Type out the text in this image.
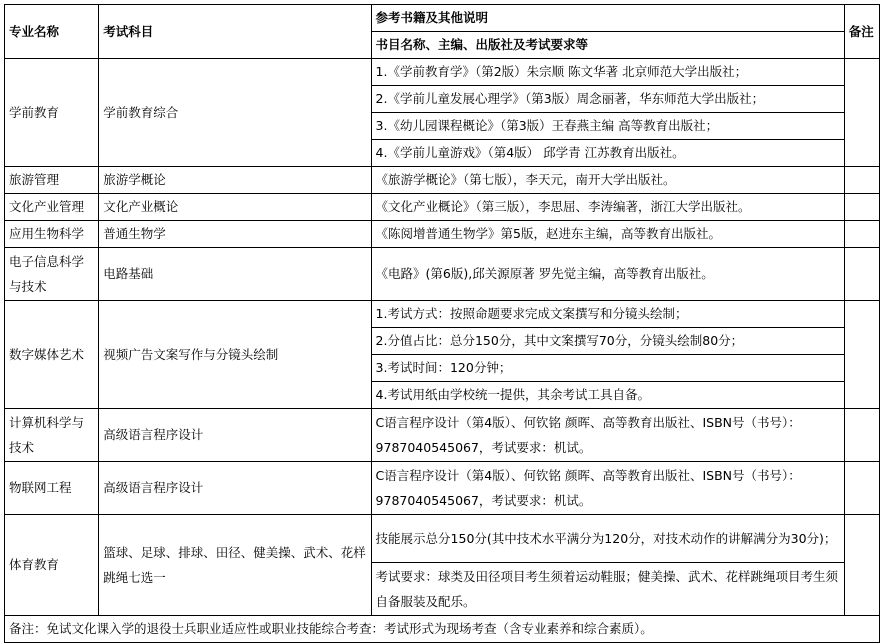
专业名称	考试科目	参考书籍及其他说明	备注
		书目名称、主编、出版社及考试要求等	
学前教育	学前教育综合	1.《学前教育学》（第2版）朱宗顺 陈文华著 北京师范大学出版社；	
		2.《学前儿童发展心理学》（第3版）周念丽著，华东师范大学出版社；	
		3.《幼儿园课程概论》（第3版）王春燕主编 高等教育出版社；	
		4.《学前儿童游戏》（第4版） 邱学青 江苏教育出版社。	
旅游管理	旅游学概论	《旅游学概论》（第七版），李天元，南开大学出版社。	
文化产业管理	文化产业概论	《文化产业概论》（第三版），李思屈、李涛编著，浙江大学出版社。	
应用生物科学	普通生物学	《陈阅增普通生物学》第5版，赵进东主编，高等教育出版社。	
电子信息科学与技术	电路基础	《电路》(第6版),邱关源原著 罗先觉主编，高等教育出版社。	
数字媒体艺术	视频广告文案写作与分镜头绘制	1.考试方式：按照命题要求完成文案撰写和分镜头绘制；	
		2.分值占比：总分150分，其中文案撰写70分，分镜头绘制80分；	
		3.考试时间：120分钟；	
		4.考试用纸由学校统一提供，其余考试工具自备。	
计算机科学与技术	高级语言程序设计	C语言程序设计（第4版）、何钦铭 颜晖、高等教育出版社、ISBN号（书号）：9787040545067，考试要求：机试。	
物联网工程	高级语言程序设计	C语言程序设计（第4版）、何钦铭 颜晖、高等教育出版社、ISBN号（书号）：9787040545067，考试要求：机试。	
体育教育	篮球、足球、排球、田径、健美操、武术、花样跳绳七选一	技能展示总分150分(其中技术水平满分为120分，对技术动作的讲解满分为30分)；	
		考试要求：球类及田径项目考生须着运动鞋服；健美操、武术、花样跳绳项目考生须自备服装及配乐。	
备注：免试文化课入学的退役士兵职业适应性或职业技能综合考查：考试形式为现场考查（含专业素养和综合素质）。			
